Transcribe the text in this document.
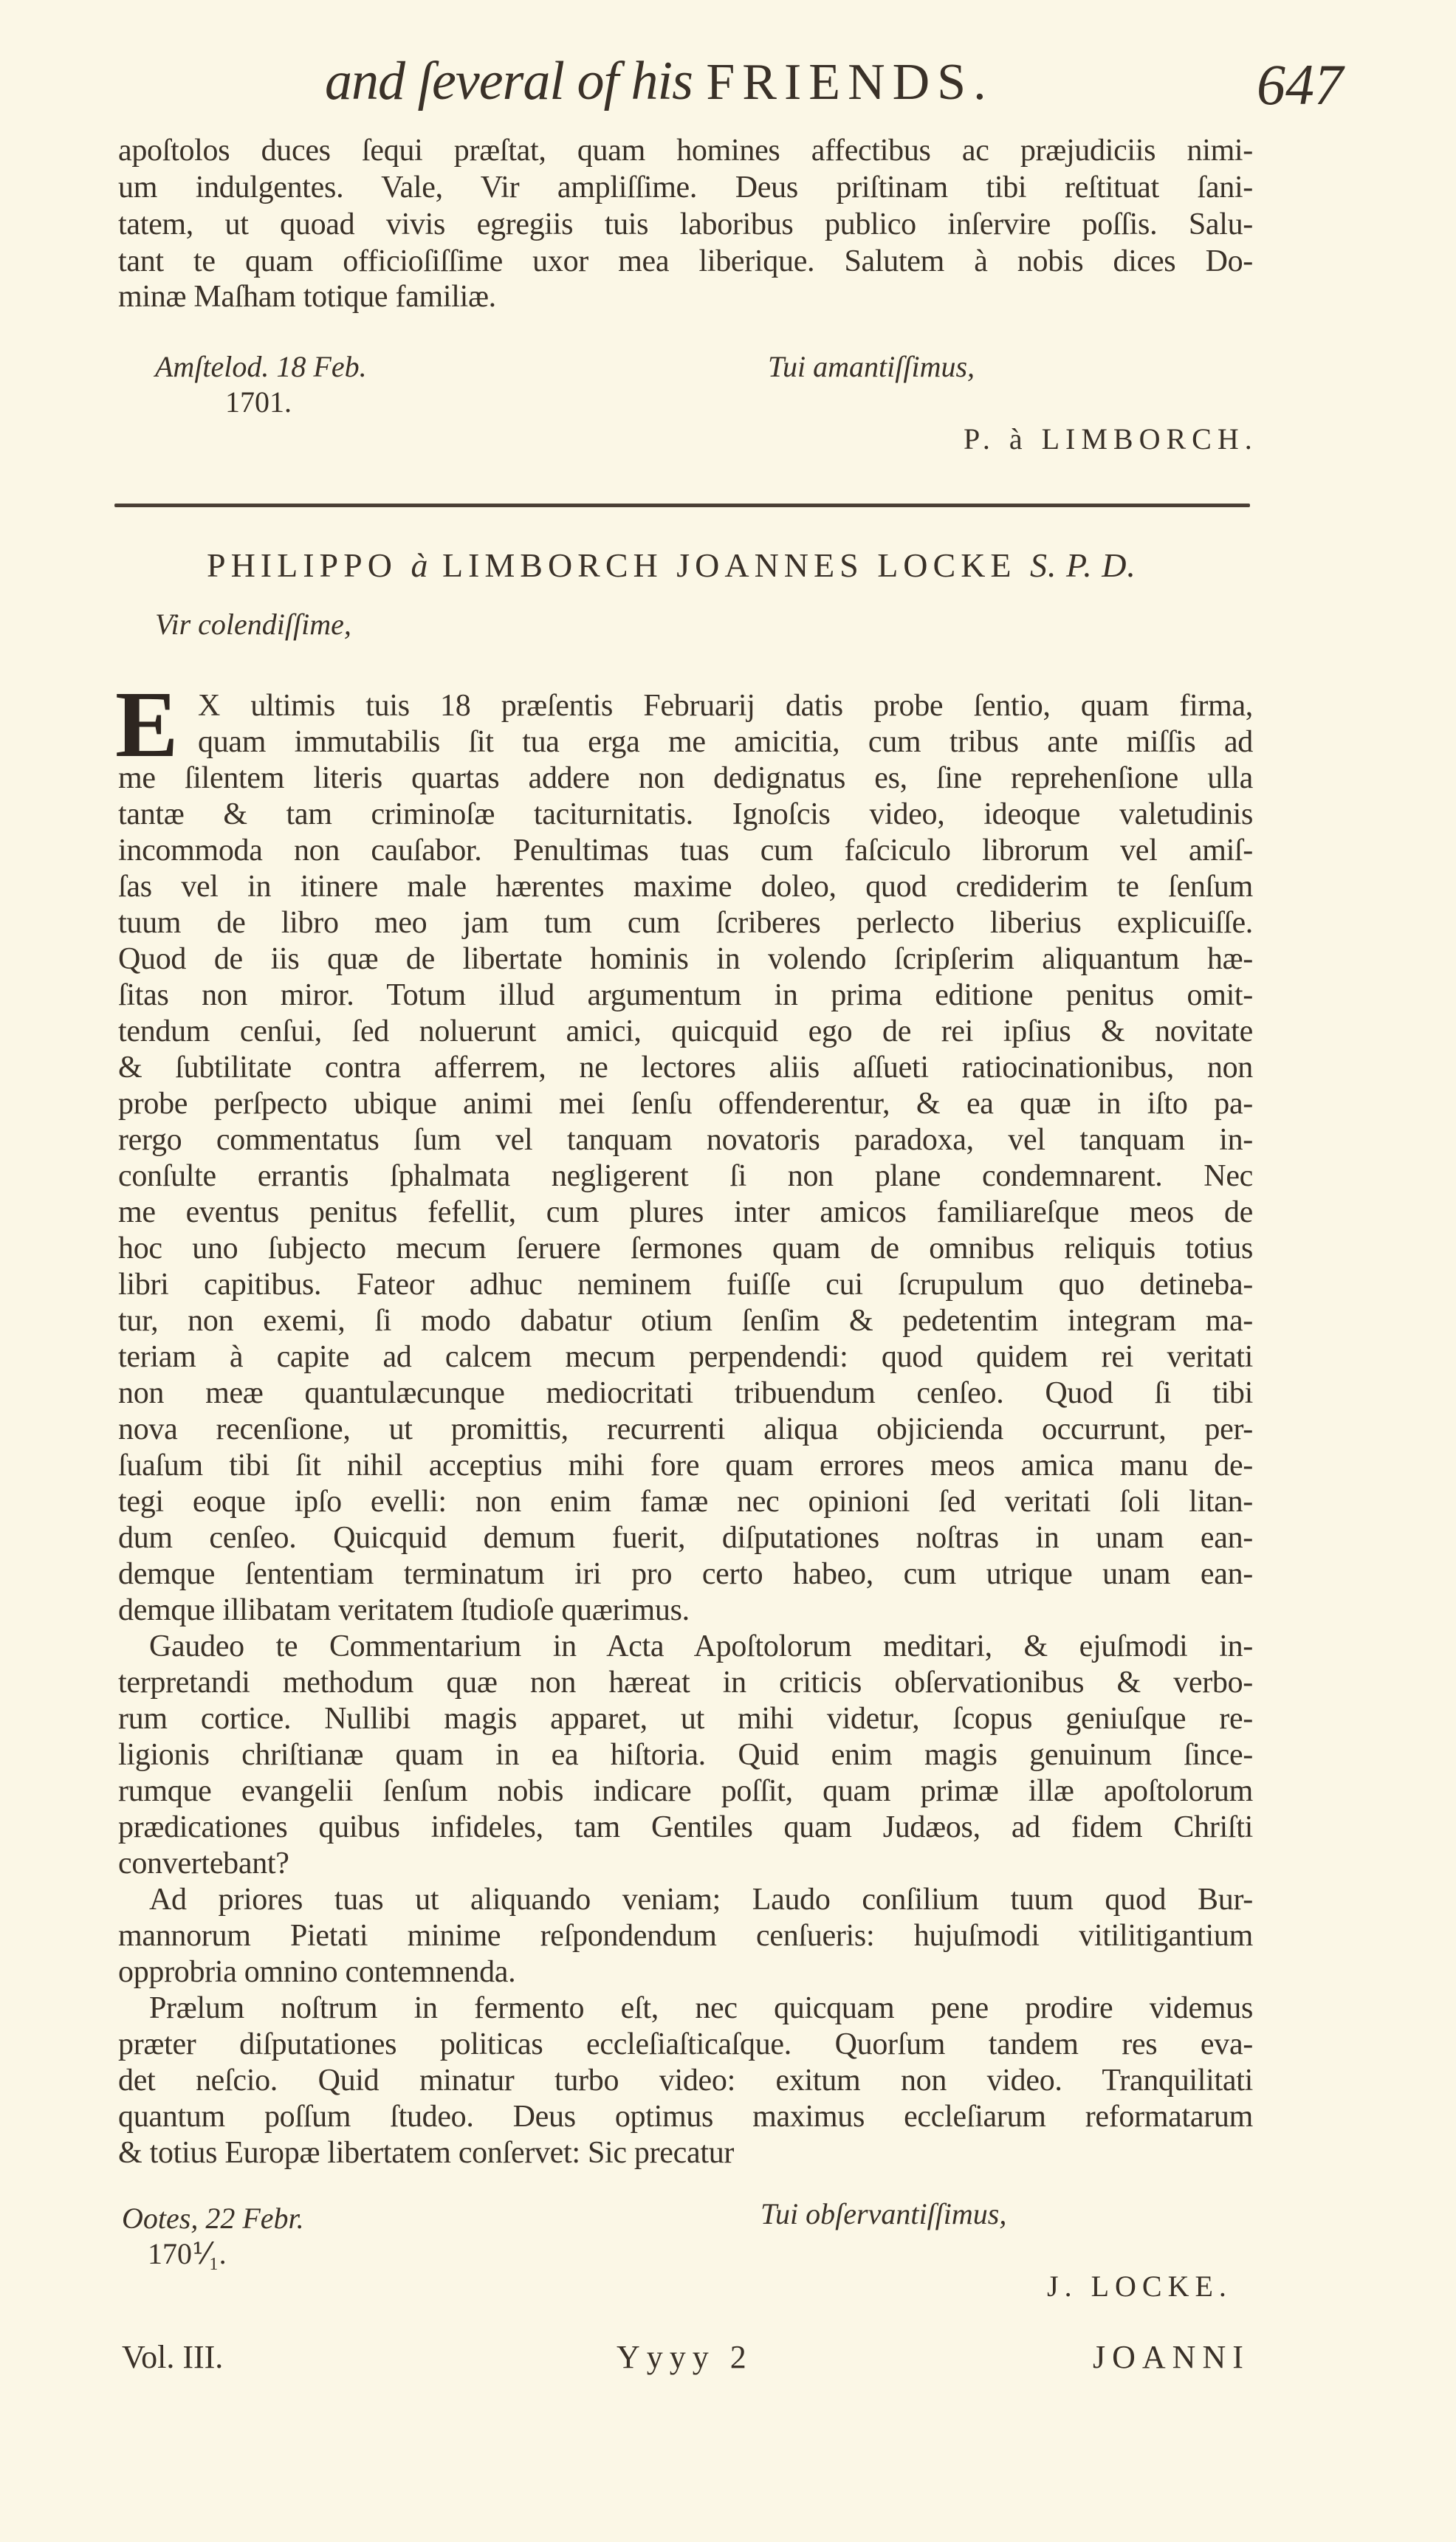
and ſeveral of his FRIENDS.	647
apoſtolos duces ſequi præſtat, quam homines affectibus ac præjudiciis nimi-
um indulgentes. Vale, Vir ampliſſime. Deus priſtinam tibi reſtituat ſani-
tatem, ut quoad vivis egregiis tuis laboribus publico inſervire poſſis. Salu-
tant te quam officioſiſſime uxor mea liberique. Salutem à nobis dices Do-
minæ Maſham totique familiæ.
Amſtelod. 18 Feb.
1701.
Tui amantiſſimus,
P. à LIMBORCH.
PHILIPPO à LIMBORCH JOANNES LOCKE S. P. D.
Vir colendiſſime,
E X ultimis tuis 18 præſentis Februarij datis probe ſentio, quam firma,
quam immutabilis ſit tua erga me amicitia, cum tribus ante miſſis ad
me ſilentem literis quartas addere non dedignatus es, ſine reprehenſione ulla
tantæ & tam criminoſæ taciturnitatis. Ignoſcis video, ideoque valetudinis
incommoda non cauſabor. Penultimas tuas cum faſciculo librorum vel amiſ-
ſas vel in itinere male hærentes maxime doleo, quod crediderim te ſenſum
tuum de libro meo jam tum cum ſcriberes perlecto liberius explicuiſſe.
Quod de iis quæ de libertate hominis in volendo ſcripſerim aliquantum hæ-
ſitas non miror. Totum illud argumentum in prima editione penitus omit-
tendum cenſui, ſed noluerunt amici, quicquid ego de rei ipſius & novitate
& ſubtilitate contra afferrem, ne lectores aliis aſſueti ratiocinationibus, non
probe perſpecto ubique animi mei ſenſu offenderentur, & ea quæ in iſto pa-
rergo commentatus ſum vel tanquam novatoris paradoxa, vel tanquam in-
conſulte errantis ſphalmata negligerent ſi non plane condemnarent. Nec
me eventus penitus fefellit, cum plures inter amicos familiareſque meos de
hoc uno ſubjecto mecum ſeruere ſermones quam de omnibus reliquis totius
libri capitibus. Fateor adhuc neminem fuiſſe cui ſcrupulum quo detineba-
tur, non exemi, ſi modo dabatur otium ſenſim & pedetentim integram ma-
teriam à capite ad calcem mecum perpendendi: quod quidem rei veritati
non meæ quantulæcunque mediocritati tribuendum cenſeo. Quod ſi tibi
nova recenſione, ut promittis, recurrenti aliqua objicienda occurrunt, per-
ſuaſum tibi ſit nihil acceptius mihi fore quam errores meos amica manu de-
tegi eoque ipſo evelli: non enim famæ nec opinioni ſed veritati ſoli litan-
dum cenſeo. Quicquid demum fuerit, diſputationes noſtras in unam ean-
demque ſententiam terminatum iri pro certo habeo, cum utrique unam ean-
demque illibatam veritatem ſtudioſe quærimus.
Gaudeo te Commentarium in Acta Apoſtolorum meditari, & ejuſmodi in-
terpretandi methodum quæ non hæreat in criticis obſervationibus & verbo-
rum cortice. Nullibi magis apparet, ut mihi videtur, ſcopus geniuſque re-
ligionis chriſtianæ quam in ea hiſtoria. Quid enim magis genuinum ſince-
rumque evangelii ſenſum nobis indicare poſſit, quam primæ illæ apoſtolorum
prædicationes quibus infideles, tam Gentiles quam Judæos, ad fidem Chriſti
convertebant?
Ad priores tuas ut aliquando veniam; Laudo conſilium tuum quod Bur-
mannorum Pietati minime reſpondendum cenſueris: hujuſmodi vitilitigantium
opprobria omnino contemnenda.
Prælum noſtrum in fermento eſt, nec quicquam pene prodire videmus
præter diſputationes politicas eccleſiaſticaſque. Quorſum tandem res eva-
det neſcio. Quid minatur turbo video: exitum non video. Tranquilitati
quantum poſſum ſtudeo. Deus optimus maximus eccleſiarum reformatarum
& totius Europæ libertatem conſervet: Sic precatur
Ootes, 22 Febr.
170⅟₁.
Tui obſervantiſſimus,
J. LOCKE.
Vol. III.	Yyyy 2	JOANNI
